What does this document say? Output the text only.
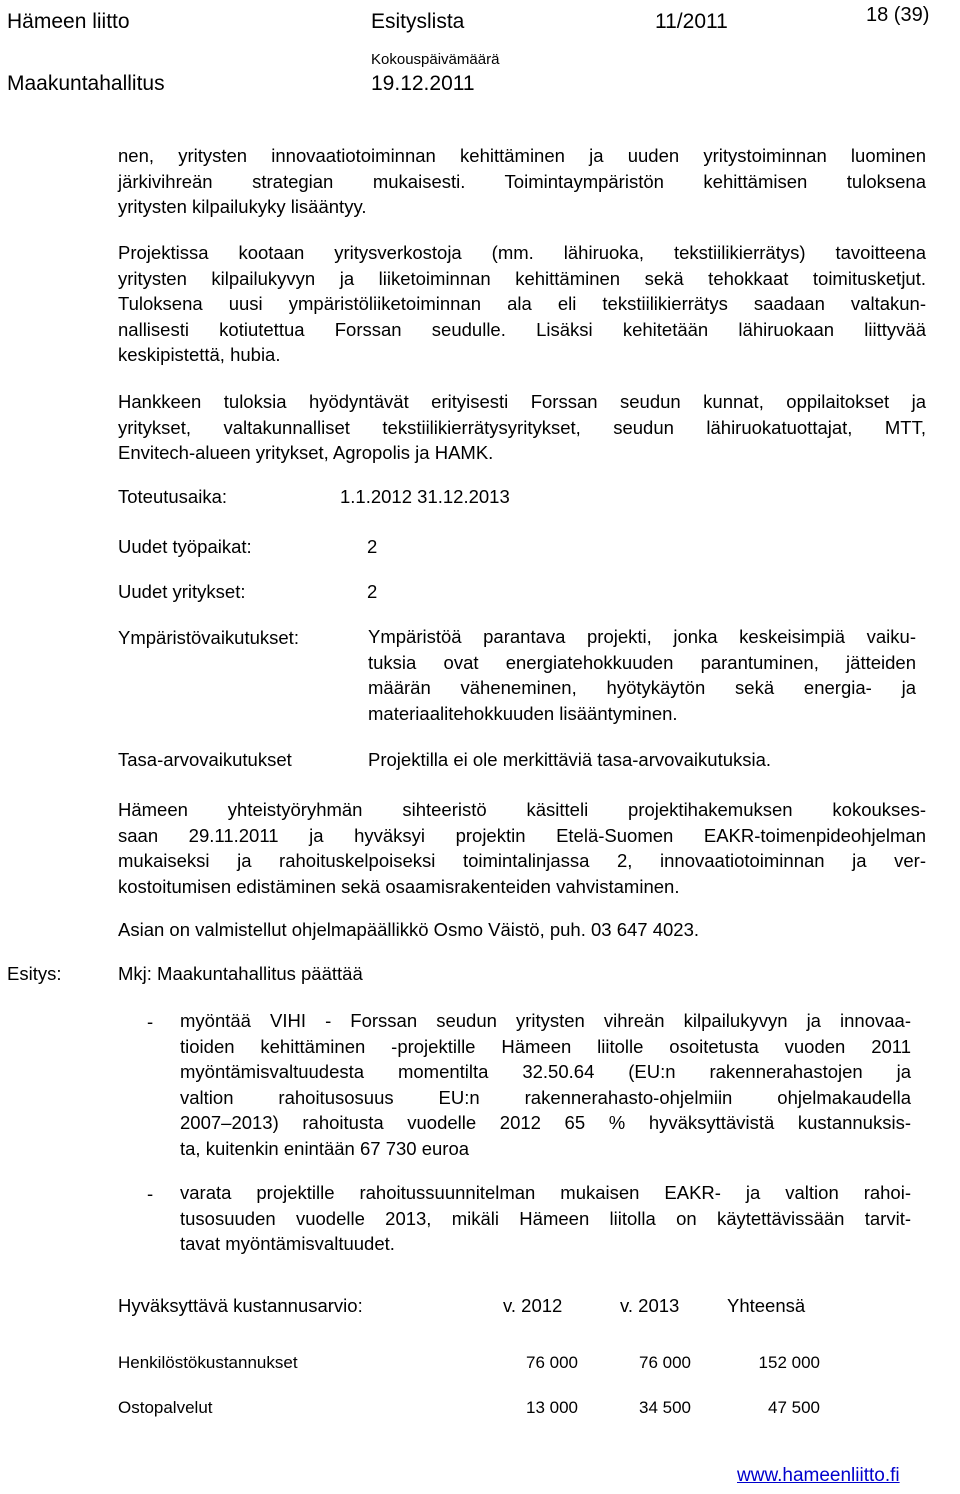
Hämeen liitto	Esityslista	11/2011	18 (39)
Kokouspäivämäärä
Maakuntahallitus	19.12.2011
nen, yritysten innovaatiotoiminnan kehittäminen ja uuden yritystoiminnan luominen
järkivihreän strategian mukaisesti. Toimintaympäristön kehittämisen tuloksena
yritysten kilpailukyky lisääntyy.
Projektissa kootaan yritysverkostoja (mm. lähiruoka, tekstiilikierrätys) tavoitteena
yritysten kilpailukyvyn ja liiketoiminnan kehittäminen sekä tehokkaat toimitusketjut.
Tuloksena uusi ympäristöliiketoiminnan ala eli tekstiilikierrätys saadaan valtakun-
nallisesti kotiutettua Forssan seudulle. Lisäksi kehitetään lähiruokaan liittyvää
keskipistettä, hubia.
Hankkeen tuloksia hyödyntävät erityisesti Forssan seudun kunnat, oppilaitokset ja
yritykset, valtakunnalliset tekstiilikierrätysyritykset, seudun lähiruokatuottajat, MTT,
Envitech-alueen yritykset, Agropolis ja HAMK.
Toteutusaika:	1.1.2012 31.12.2013
Uudet työpaikat:	2
Uudet yritykset:	2
Ympäristövaikutukset:	Ympäristöä parantava projekti, jonka keskeisimpiä vaiku-
tuksia ovat energiatehokkuuden parantuminen, jätteiden
määrän väheneminen, hyötykäytön sekä energia- ja
materiaalitehokkuuden lisääntyminen.
Tasa-arvovaikutukset	Projektilla ei ole merkittäviä tasa-arvovaikutuksia.
Hämeen yhteistyöryhmän sihteeristö käsitteli projektihakemuksen kokoukses-
saan 29.11.2011 ja hyväksyi projektin Etelä-Suomen EAKR-toimenpideohjelman
mukaiseksi ja rahoituskelpoiseksi toimintalinjassa 2, innovaatiotoiminnan ja ver-
kostoitumisen edistäminen sekä osaamisrakenteiden vahvistaminen.
Asian on valmistellut ohjelmapäällikkö Osmo Väistö, puh. 03 647 4023.
Esitys:	Mkj: Maakuntahallitus päättää
- myöntää VIHI - Forssan seudun yritysten vihreän kilpailukyvyn ja innovaa-
tioiden kehittäminen -projektille Hämeen liitolle osoitetusta vuoden 2011
myöntämisvaltuudesta momentilta 32.50.64 (EU:n rakennerahastojen ja
valtion rahoitusosuus EU:n rakennerahasto-ohjelmiin ohjelmakaudella
2007–2013) rahoitusta vuodelle 2012 65 % hyväksyttävistä kustannuksis-
ta, kuitenkin enintään 67 730 euroa
- varata projektille rahoitussuunnitelman mukaisen EAKR- ja valtion rahoi-
tusosuuden vuodelle 2013, mikäli Hämeen liitolla on käytettävissään tarvit-
tavat myöntämisvaltuudet.
Hyväksyttävä kustannusarvio:	v. 2012	v. 2013	Yhteensä
Henkilöstökustannukset	76 000	76 000	152 000
Ostopalvelut	13 000	34 500	47 500
www.hameenliitto.fi
